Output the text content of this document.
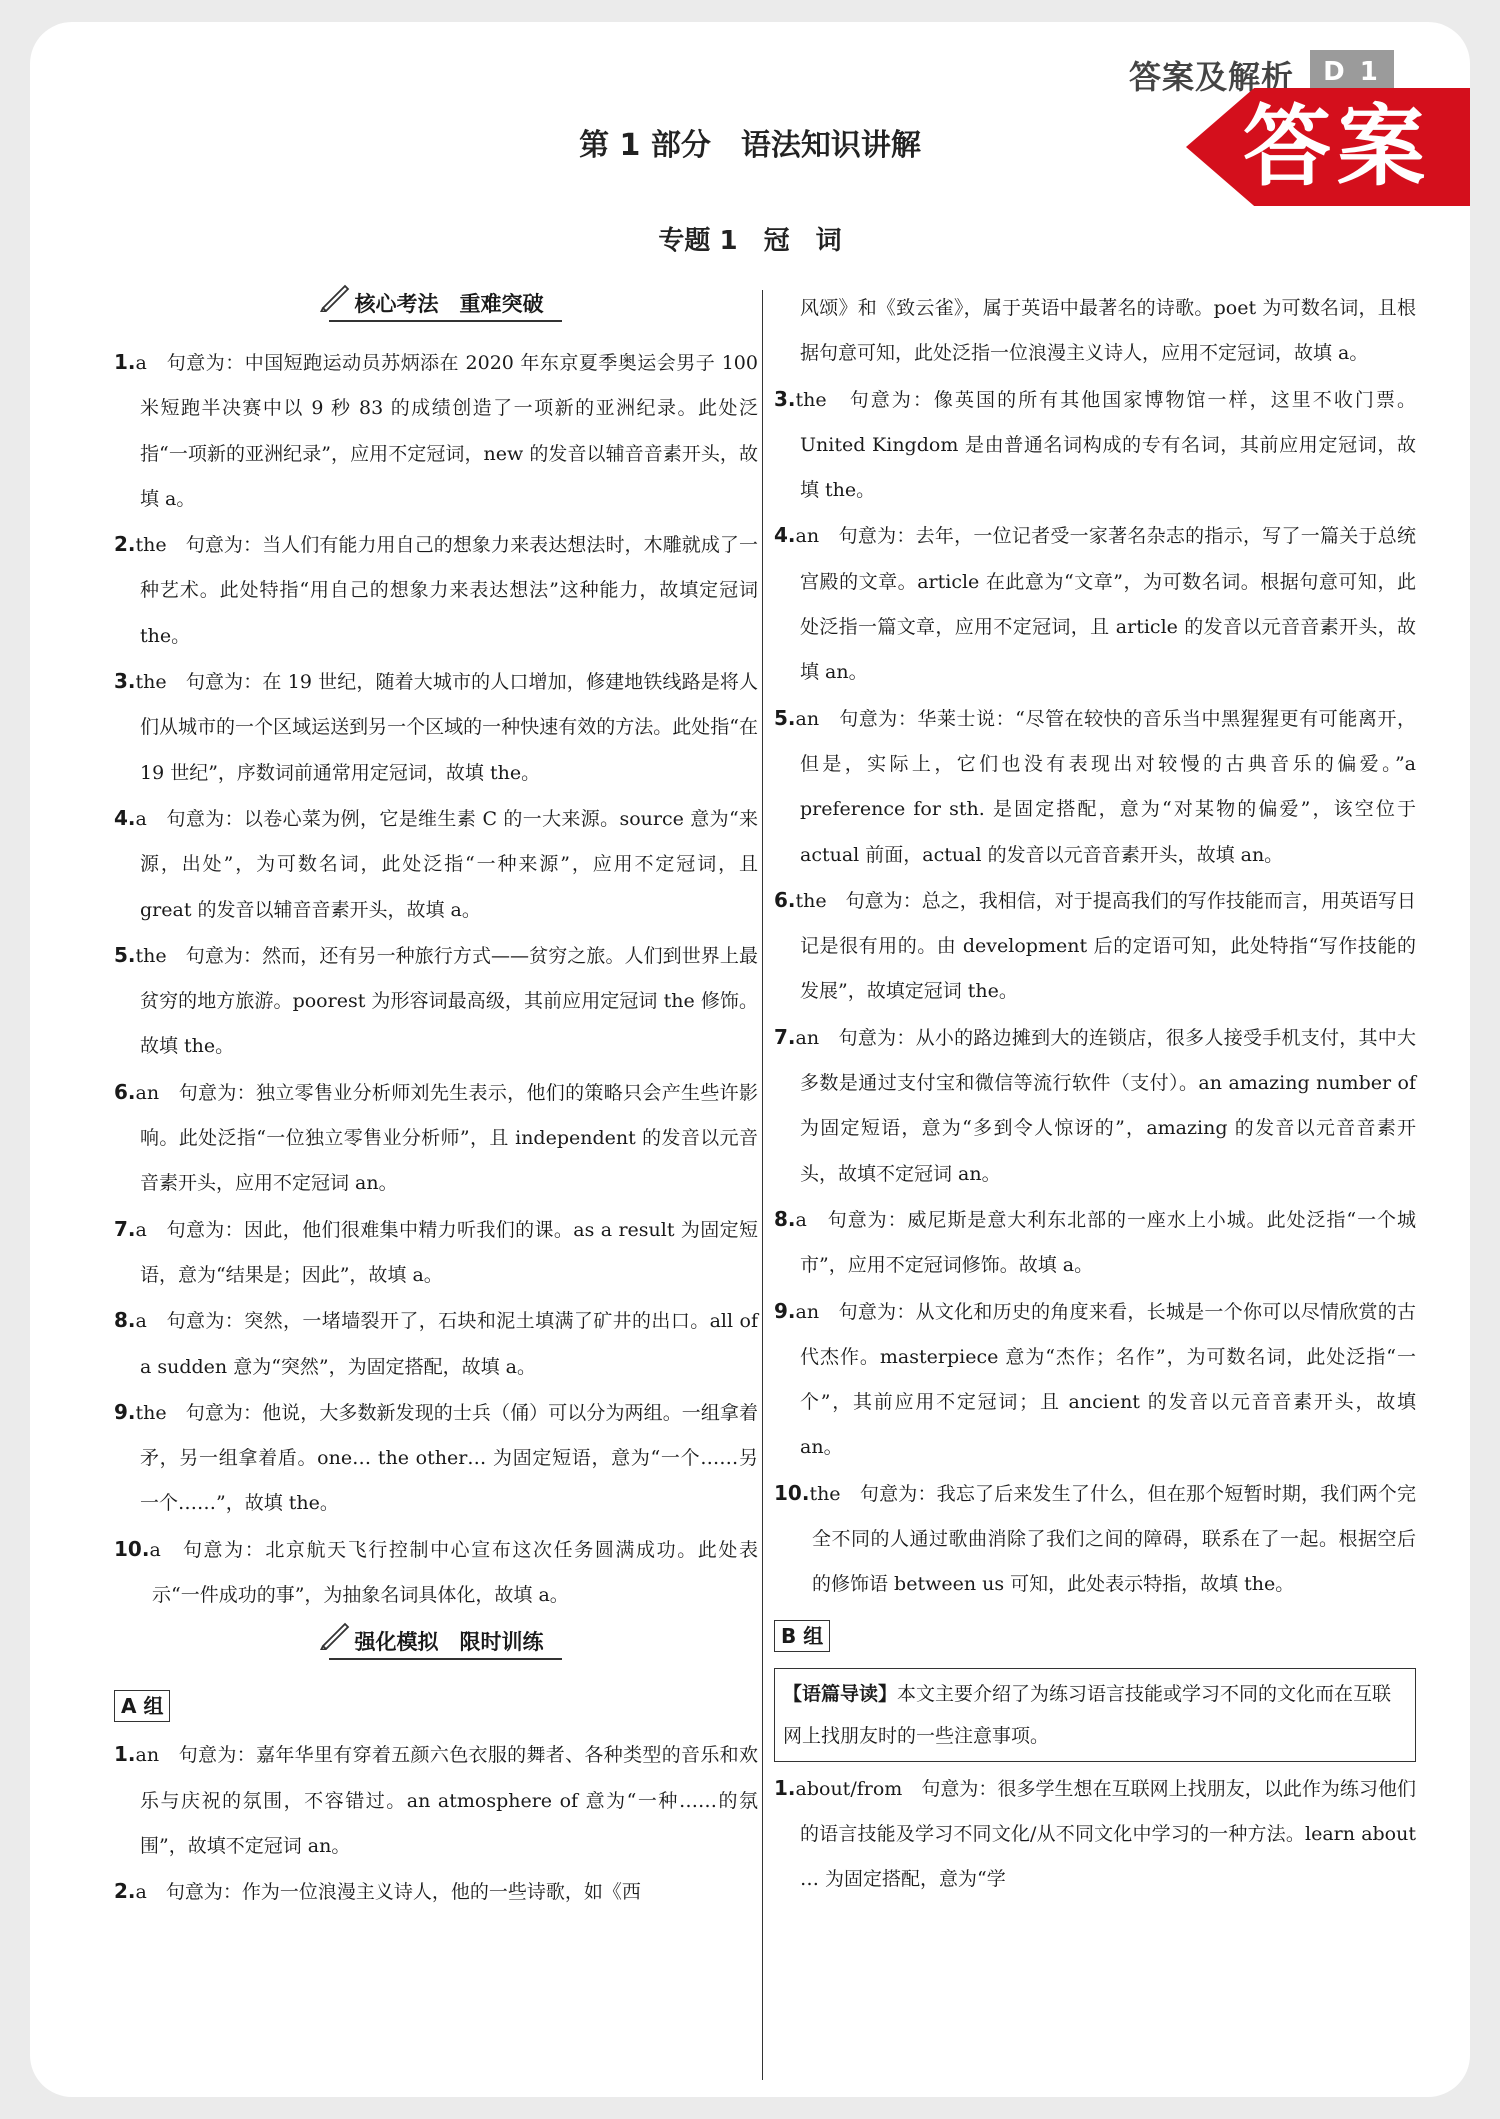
答案及解析	D 1
答案
第 1 部分　语法知识讲解
专题 1　冠　词
核心考法　重难突破
1.a　句意为：中国短跑运动员苏炳添在 2020 年东京夏季奥运会男子 100 米短跑半决赛中以 9 秒 83 的成绩创造了一项新的亚洲纪录。此处泛指“一项新的亚洲纪录”，应用不定冠词，new 的发音以辅音音素开头，故填 a。
2.the　句意为：当人们有能力用自己的想象力来表达想法时，木雕就成了一种艺术。此处特指“用自己的想象力来表达想法”这种能力，故填定冠词 the。
3.the　句意为：在 19 世纪，随着大城市的人口增加，修建地铁线路是将人们从城市的一个区域运送到另一个区域的一种快速有效的方法。此处指“在 19 世纪”，序数词前通常用定冠词，故填 the。
4.a　句意为：以卷心菜为例，它是维生素 C 的一大来源。source 意为“来源，出处”，为可数名词，此处泛指“一种来源”，应用不定冠词，且 great 的发音以辅音音素开头，故填 a。
5.the　句意为：然而，还有另一种旅行方式——贫穷之旅。人们到世界上最贫穷的地方旅游。poorest 为形容词最高级，其前应用定冠词 the 修饰。故填 the。
6.an　句意为：独立零售业分析师刘先生表示，他们的策略只会产生些许影响。此处泛指“一位独立零售业分析师”，且 independent 的发音以元音音素开头，应用不定冠词 an。
7.a　句意为：因此，他们很难集中精力听我们的课。as a result 为固定短语，意为“结果是；因此”，故填 a。
8.a　句意为：突然，一堵墙裂开了，石块和泥土填满了矿井的出口。all of a sudden 意为“突然”，为固定搭配，故填 a。
9.the　句意为：他说，大多数新发现的士兵（俑）可以分为两组。一组拿着矛，另一组拿着盾。one… the other… 为固定短语，意为“一个……另一个……”，故填 the。
10.a　句意为：北京航天飞行控制中心宣布这次任务圆满成功。此处表示“一件成功的事”，为抽象名词具体化，故填 a。
强化模拟　限时训练
A 组
1.an　句意为：嘉年华里有穿着五颜六色衣服的舞者、各种类型的音乐和欢乐与庆祝的氛围，不容错过。an atmosphere of 意为“一种……的氛围”，故填不定冠词 an。
2.a　句意为：作为一位浪漫主义诗人，他的一些诗歌，如《西
风颂》和《致云雀》，属于英语中最著名的诗歌。poet 为可数名词，且根据句意可知，此处泛指一位浪漫主义诗人，应用不定冠词，故填 a。
3.the　句意为：像英国的所有其他国家博物馆一样，这里不收门票。United Kingdom 是由普通名词构成的专有名词，其前应用定冠词，故填 the。
4.an　句意为：去年，一位记者受一家著名杂志的指示，写了一篇关于总统宫殿的文章。article 在此意为“文章”，为可数名词。根据句意可知，此处泛指一篇文章，应用不定冠词，且 article 的发音以元音音素开头，故填 an。
5.an　句意为：华莱士说：“尽管在较快的音乐当中黑猩猩更有可能离开，但是，实际上，它们也没有表现出对较慢的古典音乐的偏爱。”a preference for sth. 是固定搭配，意为“对某物的偏爱”，该空位于 actual 前面，actual 的发音以元音音素开头，故填 an。
6.the　句意为：总之，我相信，对于提高我们的写作技能而言，用英语写日记是很有用的。由 development 后的定语可知，此处特指“写作技能的发展”，故填定冠词 the。
7.an　句意为：从小的路边摊到大的连锁店，很多人接受手机支付，其中大多数是通过支付宝和微信等流行软件（支付）。an amazing number of 为固定短语，意为“多到令人惊讶的”，amazing 的发音以元音音素开头，故填不定冠词 an。
8.a　句意为：威尼斯是意大利东北部的一座水上小城。此处泛指“一个城市”，应用不定冠词修饰。故填 a。
9.an　句意为：从文化和历史的角度来看，长城是一个你可以尽情欣赏的古代杰作。masterpiece 意为“杰作；名作”，为可数名词，此处泛指“一个”，其前应用不定冠词；且 ancient 的发音以元音音素开头，故填 an。
10.the　句意为：我忘了后来发生了什么，但在那个短暂时期，我们两个完全不同的人通过歌曲消除了我们之间的障碍，联系在了一起。根据空后的修饰语 between us 可知，此处表示特指，故填 the。
B 组
【语篇导读】本文主要介绍了为练习语言技能或学习不同的文化而在互联网上找朋友时的一些注意事项。
1.about/from　句意为：很多学生想在互联网上找朋友，以此作为练习他们的语言技能及学习不同文化/从不同文化中学习的一种方法。learn about … 为固定搭配，意为“学
